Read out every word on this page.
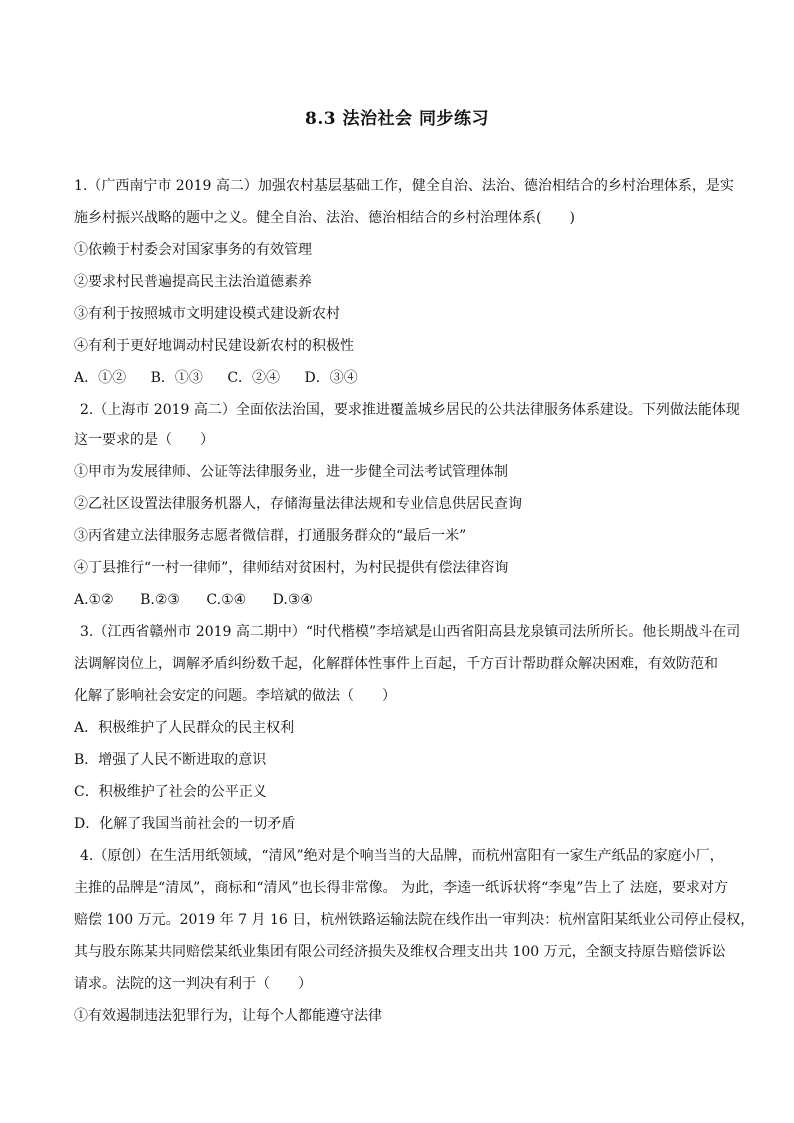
8.3 法治社会 同步练习
1.（广西南宁市 2019 高二）加强农村基层基础工作，健全自治、法治、德治相结合的乡村治理体系，是实
施乡村振兴战略的题中之义。健全自治、法治、德治相结合的乡村治理体系(　　)
①依赖于村委会对国家事务的有效管理
②要求村民普遍提高民主法治道德素养
③有利于按照城市文明建设模式建设新农村
④有利于更好地调动村民建设新农村的积极性
A．①② B．①③ C．②④ D．③④
2.（上海市 2019 高二）全面依法治国，要求推进覆盖城乡居民的公共法律服务体系建设。下列做法能体现
这一要求的是（　　）
①甲市为发展律师、公证等法律服务业，进一步健全司法考试管理体制
②乙社区设置法律服务机器人，存储海量法律法规和专业信息供居民查询
③丙省建立法律服务志愿者微信群，打通服务群众的“最后一米”
④丁县推行“一村一律师”，律师结对贫困村，为村民提供有偿法律咨询
A.①② B.②③ C.①④ D.③④
3.（江西省赣州市 2019 高二期中）“时代楷模”李培斌是山西省阳高县龙泉镇司法所所长。他长期战斗在司
法调解岗位上，调解矛盾纠纷数千起，化解群体性事件上百起，千方百计帮助群众解决困难，有效防范和
化解了影响社会安定的问题。李培斌的做法（　　）
A．积极维护了人民群众的民主权利
B．增强了人民不断进取的意识
C．积极维护了社会的公平正义
D．化解了我国当前社会的一切矛盾
4.（原创）在生活用纸领域，“清风”绝对是个响当当的大品牌，而杭州富阳有一家生产纸品的家庭小厂，
主推的品牌是“清凤”，商标和“清风”也长得非常像。 为此，李逵一纸诉状将“李鬼”告上了 法庭，要求对方
赔偿 100 万元。2019 年 7 月 16 日，杭州铁路运输法院在线作出一审判决：杭州富阳某纸业公司停止侵权，
其与股东陈某共同赔偿某纸业集团有限公司经济损失及维权合理支出共 100 万元，全额支持原告赔偿诉讼
请求。法院的这一判决有利于（　　）
①有效遏制违法犯罪行为，让每个人都能遵守法律
